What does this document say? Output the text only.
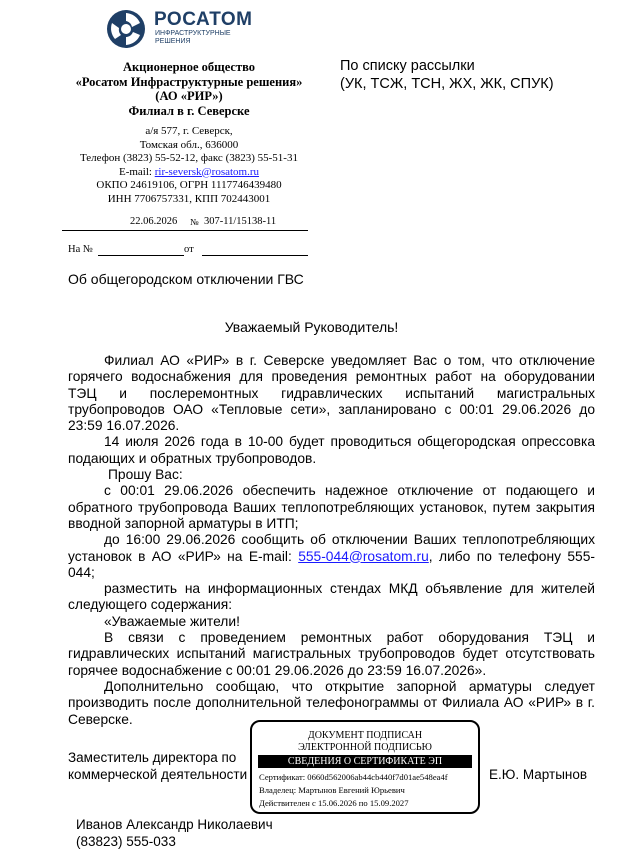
РОСАТОМ
ИНФРАСТРУКТУРНЫЕ
РЕШЕНИЯ
Акционерное общество
«Росатом Инфраструктурные решения»
(АО «РИР»)
Филиал в г. Северске
а/я 577, г. Северск,
Томская обл., 636000
Телефон (3823) 55-52-12, факс (3823) 55-51-31
E-mail: rir-seversk@rosatom.ru
ОКПО 24619106, ОГРН 1117746439480
ИНН 7706757331, КПП 702443001
22.06.2026 № 307-11/15138-11
На №	от
По списку рассылки
(УК, ТСЖ, ТСН, ЖХ, ЖК, СПУК)
Об общегородском отключении ГВС
Уважаемый Руководитель!

Филиал АО «РИР» в г. Северске уведомляет Вас о том, что отключение горячего водоснабжения для проведения ремонтных работ на оборудовании ТЭЦ и послеремонтных гидравлических испытаний магистральных трубопроводов ОАО «Тепловые сети», запланировано с 00:01 29.06.2026 до 23:59 16.07.2026.

14 июля 2026 года в 10-00 будет проводиться общегородская опрессовка подающих и обратных трубопроводов.

Прошу Вас:

с 00:01 29.06.2026 обеспечить надежное отключение от подающего и обратного трубопровода Ваших теплопотребляющих установок, путем закрытия вводной запорной арматуры в ИТП;

до 16:00 29.06.2026 сообщить об отключении Ваших теплопотребляющих установок в АО «РИР» на E-mail: 555-044@rosatom.ru, либо по телефону 555-044;

разместить на информационных стендах МКД объявление для жителей следующего содержания:

«Уважаемые жители!

В связи с проведением ремонтных работ оборудования ТЭЦ и гидравлических испытаний магистральных трубопроводов будет отсутствовать горячее водоснабжение с 00:01 29.06.2026 до 23:59 16.07.2026».

Дополнительно сообщаю, что открытие запорной арматуры следует производить после дополнительной телефонограммы от Филиала АО «РИР» в г. Северске.

Заместитель директора по
коммерческой деятельности
ДОКУМЕНТ ПОДПИСАН
ЭЛЕКТРОННОЙ ПОДПИСЬЮ
СВЕДЕНИЯ О СЕРТИФИКАТЕ ЭП
Сертификат: 0660d562006ab44cb440f7d01ae548ea4f
Владелец: Мартынов Евгений Юрьевич
Действителен с 15.06.2026 по 15.09.2027
Е.Ю. Мартынов
Иванов Александр Николаевич
(83823) 555-033
